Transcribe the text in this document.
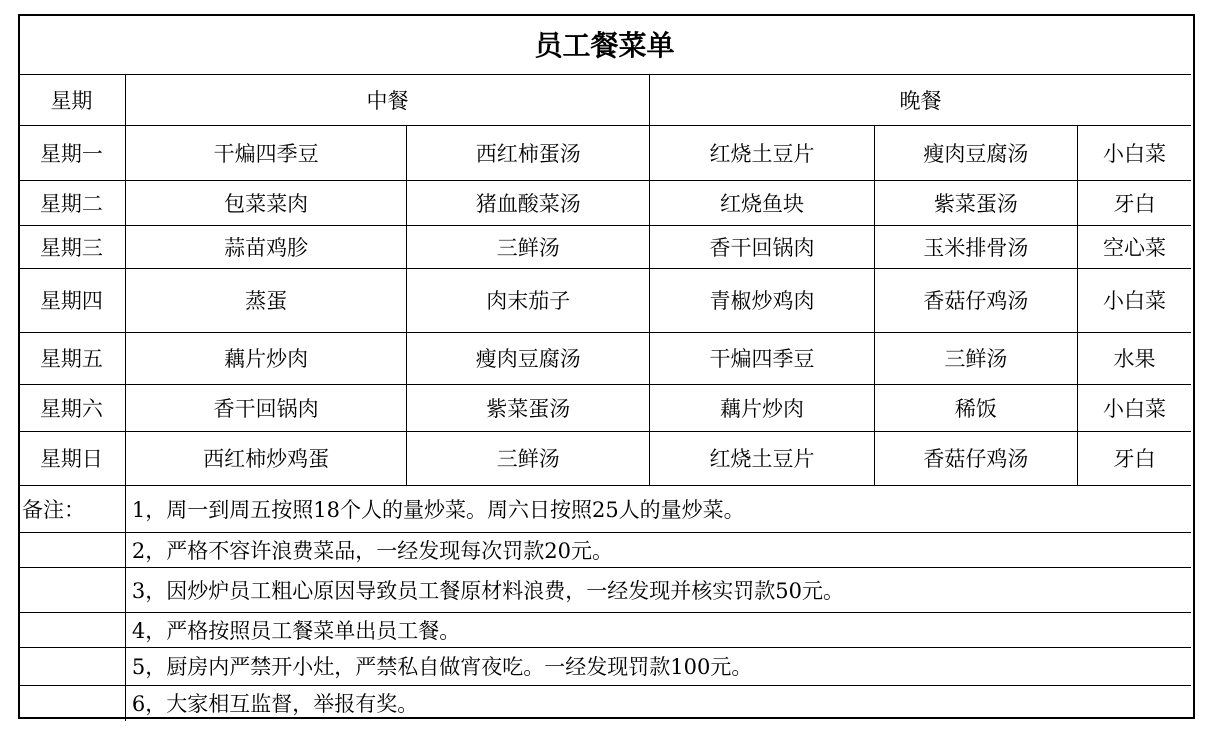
员工餐菜单					
星期	中餐		晚餐		
星期一	干煸四季豆	西红柿蛋汤	红烧土豆片	瘦肉豆腐汤	小白菜
星期二	包菜菜肉	猪血酸菜汤	红烧鱼块	紫菜蛋汤	牙白
星期三	蒜苗鸡胗	三鲜汤	香干回锅肉	玉米排骨汤	空心菜
星期四	蒸蛋	肉末茄子	青椒炒鸡肉	香菇仔鸡汤	小白菜
星期五	藕片炒肉	瘦肉豆腐汤	干煸四季豆	三鲜汤	水果
星期六	香干回锅肉	紫菜蛋汤	藕片炒肉	稀饭	小白菜
星期日	西红柿炒鸡蛋	三鲜汤	红烧土豆片	香菇仔鸡汤	牙白
备注：	1，周一到周五按照18个人的量炒菜。周六日按照25人的量炒菜。				
	2，严格不容许浪费菜品，一经发现每次罚款20元。				
	3，因炒炉员工粗心原因导致员工餐原材料浪费，一经发现并核实罚款50元。				
	4，严格按照员工餐菜单出员工餐。				
	5，厨房内严禁开小灶，严禁私自做宵夜吃。一经发现罚款100元。				
	6，大家相互监督，举报有奖。				
